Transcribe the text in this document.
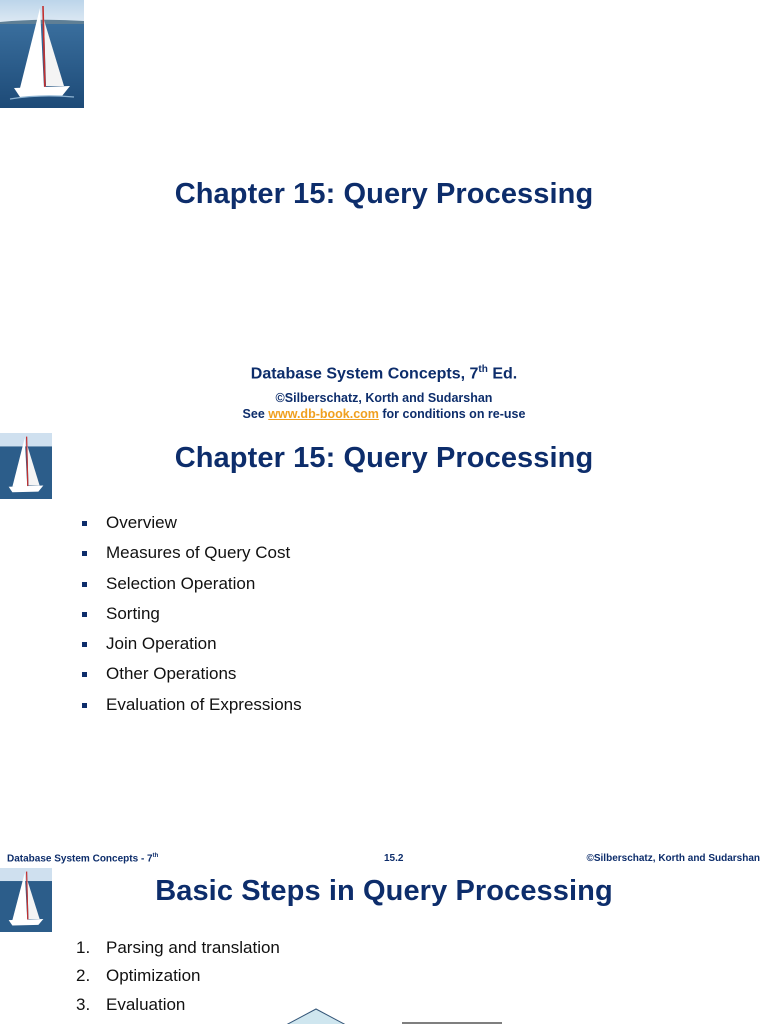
Chapter 15: Query Processing
Database System Concepts, 7th Ed.
©Silberschatz, Korth and Sudarshan
See www.db-book.com for conditions on re-use
Chapter 15: Query Processing
Overview
Measures of Query Cost
Selection Operation
Sorting
Join Operation
Other Operations
Evaluation of Expressions
Database System Concepts - 7th	15.2	©Silberschatz, Korth and Sudarshan
Basic Steps in Query Processing
1. Parsing and translation
2. Optimization
3. Evaluation
